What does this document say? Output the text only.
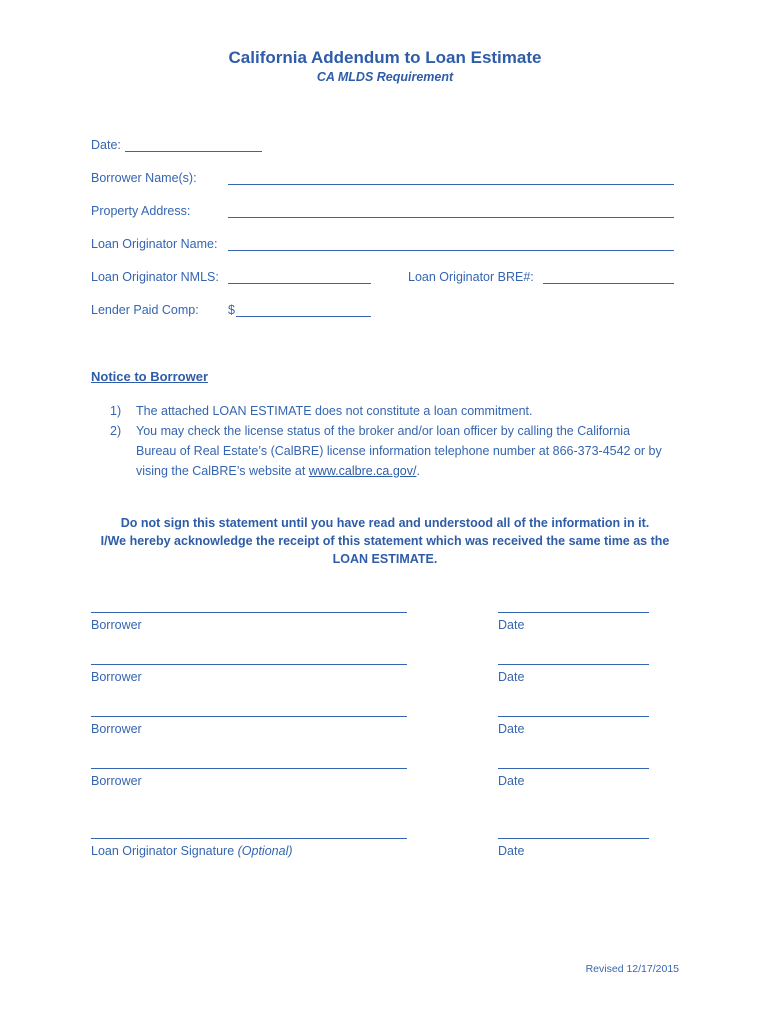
California Addendum to Loan Estimate
CA MLDS Requirement
Date:
Borrower Name(s):
Property Address:
Loan Originator Name:
Loan Originator NMLS:	Loan Originator BRE#:
Lender Paid Comp: $
Notice to Borrower
1) The attached LOAN ESTIMATE does not constitute a loan commitment.
2) You may check the license status of the broker and/or loan officer by calling the California
Bureau of Real Estate’s (CalBRE) license information telephone number at 866-373-4542 or by
vising the CalBRE’s website at www.calbre.ca.gov/.
Do not sign this statement until you have read and understood all of the information in it.
I/We hereby acknowledge the receipt of this statement which was received the same time as the
LOAN ESTIMATE.
Borrower	Date
Borrower	Date
Borrower	Date
Borrower	Date
Loan Originator Signature (Optional)	Date
Revised 12/17/2015
